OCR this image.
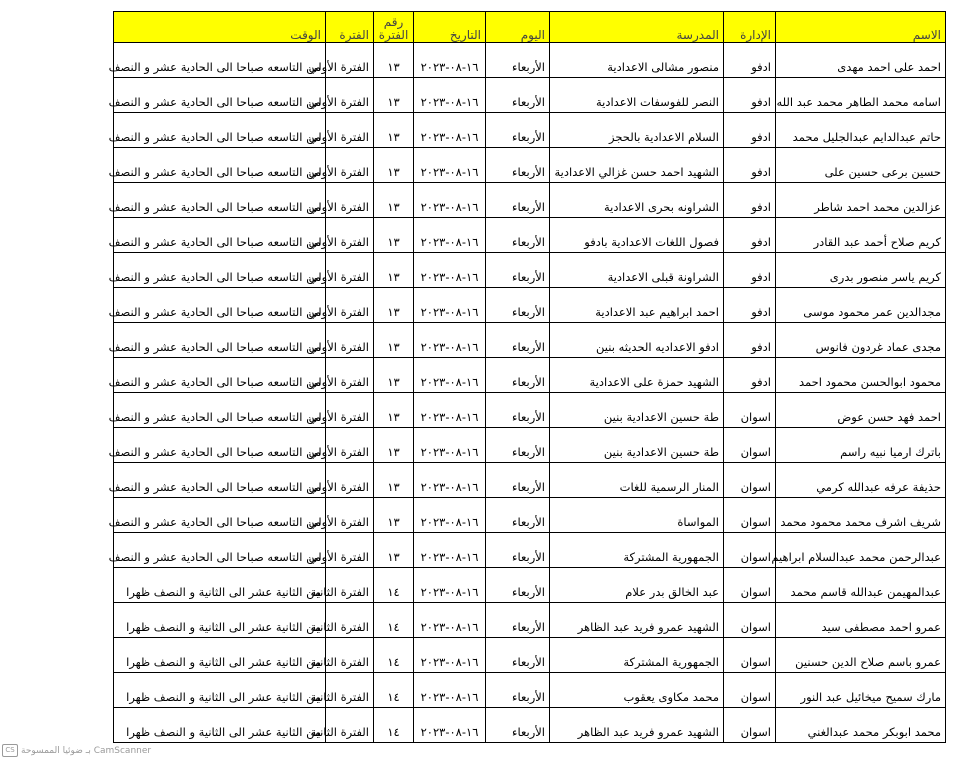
الاسم	الإدارة	المدرسة	اليوم	التاريخ	رقم الفترة	الفترة	الوقت
احمد على احمد مهدى	ادفو	منصور مشالى الاعدادية	الأربعاء	١٦-٠٨-٢٠٢٣	١٣	الفترة الأولي	من التاسعه صباحا الى الحادية عشر و النصف
اسامه محمد الطاهر محمد عبد الله	ادفو	النصر للفوسفات الاعدادية	الأربعاء	١٦-٠٨-٢٠٢٣	١٣	الفترة الأولي	من التاسعه صباحا الى الحادية عشر و النصف
حاتم عبدالدايم عبدالجليل محمد	ادفو	السلام الاعدادية بالحجز	الأربعاء	١٦-٠٨-٢٠٢٣	١٣	الفترة الأولي	من التاسعه صباحا الى الحادية عشر و النصف
حسين برعى حسين على	ادفو	الشهيد احمد حسن غزالي الاعدادية	الأربعاء	١٦-٠٨-٢٠٢٣	١٣	الفترة الأولي	من التاسعه صباحا الى الحادية عشر و النصف
عزالدين محمد احمد شاطر	ادفو	الشراونه بحرى الاعدادية	الأربعاء	١٦-٠٨-٢٠٢٣	١٣	الفترة الأولي	من التاسعه صباحا الى الحادية عشر و النصف
كريم صلاح أحمد عبد القادر	ادفو	فصول اللغات الاعدادية بادفو	الأربعاء	١٦-٠٨-٢٠٢٣	١٣	الفترة الأولي	من التاسعه صباحا الى الحادية عشر و النصف
كريم ياسر منصور بدرى	ادفو	الشراونة قبلى الاعدادية	الأربعاء	١٦-٠٨-٢٠٢٣	١٣	الفترة الأولي	من التاسعه صباحا الى الحادية عشر و النصف
مجدالدين عمر محمود موسى	ادفو	احمد ابراهيم عبد الاعدادية	الأربعاء	١٦-٠٨-٢٠٢٣	١٣	الفترة الأولي	من التاسعه صباحا الى الحادية عشر و النصف
مجدى عماد غردون فانوس	ادفو	ادفو الاعداديه الحديثه بنين	الأربعاء	١٦-٠٨-٢٠٢٣	١٣	الفترة الأولي	من التاسعه صباحا الى الحادية عشر و النصف
محمود ابوالحسن محمود احمد	ادفو	الشهيد حمزة على الاعدادية	الأربعاء	١٦-٠٨-٢٠٢٣	١٣	الفترة الأولي	من التاسعه صباحا الى الحادية عشر و النصف
احمد فهد حسن عوض	اسوان	طة حسين الاعدادية بنين	الأربعاء	١٦-٠٨-٢٠٢٣	١٣	الفترة الأولي	من التاسعه صباحا الى الحادية عشر و النصف
باترك ارميا نبيه راسم	اسوان	طة حسين الاعدادية بنين	الأربعاء	١٦-٠٨-٢٠٢٣	١٣	الفترة الأولي	من التاسعه صباحا الى الحادية عشر و النصف
حذيفة عرفه عبدالله كرمي	اسوان	المنار الرسمية للغات	الأربعاء	١٦-٠٨-٢٠٢٣	١٣	الفترة الأولي	من التاسعه صباحا الى الحادية عشر و النصف
شريف اشرف محمد محمود محمد	اسوان	المواساة	الأربعاء	١٦-٠٨-٢٠٢٣	١٣	الفترة الأولي	من التاسعه صباحا الى الحادية عشر و النصف
عبدالرحمن محمد عبدالسلام ابراهيم	اسوان	الجمهورية المشتركة	الأربعاء	١٦-٠٨-٢٠٢٣	١٣	الفترة الأولي	من التاسعه صباحا الى الحادية عشر و النصف
عبدالمهيمن عبدالله قاسم محمد	اسوان	عبد الخالق بدر علام	الأربعاء	١٦-٠٨-٢٠٢٣	١٤	الفترة الثانية	من الثانية عشر الى الثانية و النصف ظهرا
عمرو احمد مصطفى سيد	اسوان	الشهيد عمرو فريد عبد الظاهر	الأربعاء	١٦-٠٨-٢٠٢٣	١٤	الفترة الثانية	من الثانية عشر الى الثانية و النصف ظهرا
عمرو باسم صلاح الدين حسنين	اسوان	الجمهورية المشتركة	الأربعاء	١٦-٠٨-٢٠٢٣	١٤	الفترة الثانية	من الثانية عشر الى الثانية و النصف ظهرا
مارك سميح ميخائيل عبد النور	اسوان	محمد مكاوى يعقوب	الأربعاء	١٦-٠٨-٢٠٢٣	١٤	الفترة الثانية	من الثانية عشر الى الثانية و النصف ظهرا
محمد ابوبكر محمد عبدالغني	اسوان	الشهيد عمرو فريد عبد الظاهر	الأربعاء	١٦-٠٨-٢٠٢٣	١٤	الفترة الثانية	من الثانية عشر الى الثانية و النصف ظهرا
CS CamScanner بـ ضوئيا الممسوحة
